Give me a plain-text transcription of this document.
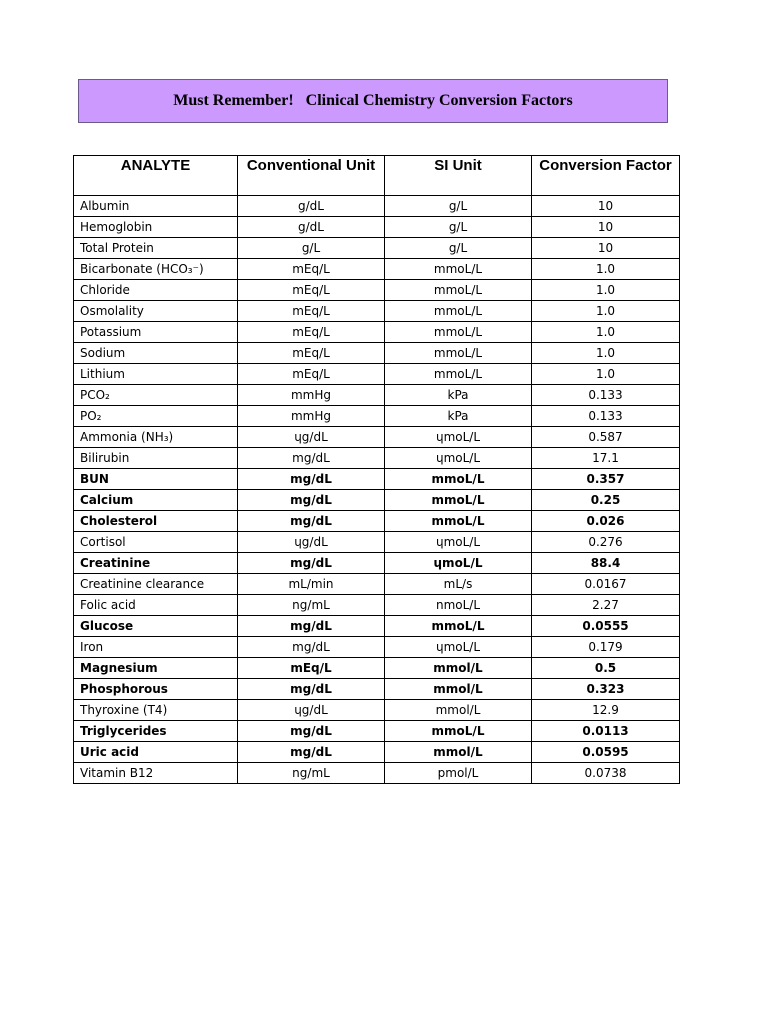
Must Remember!   Clinical Chemistry Conversion Factors
ANALYTE	Conventional Unit	SI Unit	Conversion Factor
Albumin	g/dL	g/L	10
Hemoglobin	g/dL	g/L	10
Total Protein	g/L	g/L	10
Bicarbonate (HCO₃⁻)	mEq/L	mmoL/L	1.0
Chloride	mEq/L	mmoL/L	1.0
Osmolality	mEq/L	mmoL/L	1.0
Potassium	mEq/L	mmoL/L	1.0
Sodium	mEq/L	mmoL/L	1.0
Lithium	mEq/L	mmoL/L	1.0
PCO₂	mmHg	kPa	0.133
PO₂	mmHg	kPa	0.133
Ammonia (NH₃)	ɥg/dL	ɥmoL/L	0.587
Bilirubin	mg/dL	ɥmoL/L	17.1
BUN	mg/dL	mmoL/L	0.357
Calcium	mg/dL	mmoL/L	0.25
Cholesterol	mg/dL	mmoL/L	0.026
Cortisol	ɥg/dL	ɥmoL/L	0.276
Creatinine	mg/dL	ɥmoL/L	88.4
Creatinine clearance	mL/min	mL/s	0.0167
Folic acid	ng/mL	nmoL/L	2.27
Glucose	mg/dL	mmoL/L	0.0555
Iron	mg/dL	ɥmoL/L	0.179
Magnesium	mEq/L	mmol/L	0.5
Phosphorous	mg/dL	mmol/L	0.323
Thyroxine (T4)	ɥg/dL	mmol/L	12.9
Triglycerides	mg/dL	mmoL/L	0.0113
Uric acid	mg/dL	mmol/L	0.0595
Vitamin B12	ng/mL	pmol/L	0.0738
